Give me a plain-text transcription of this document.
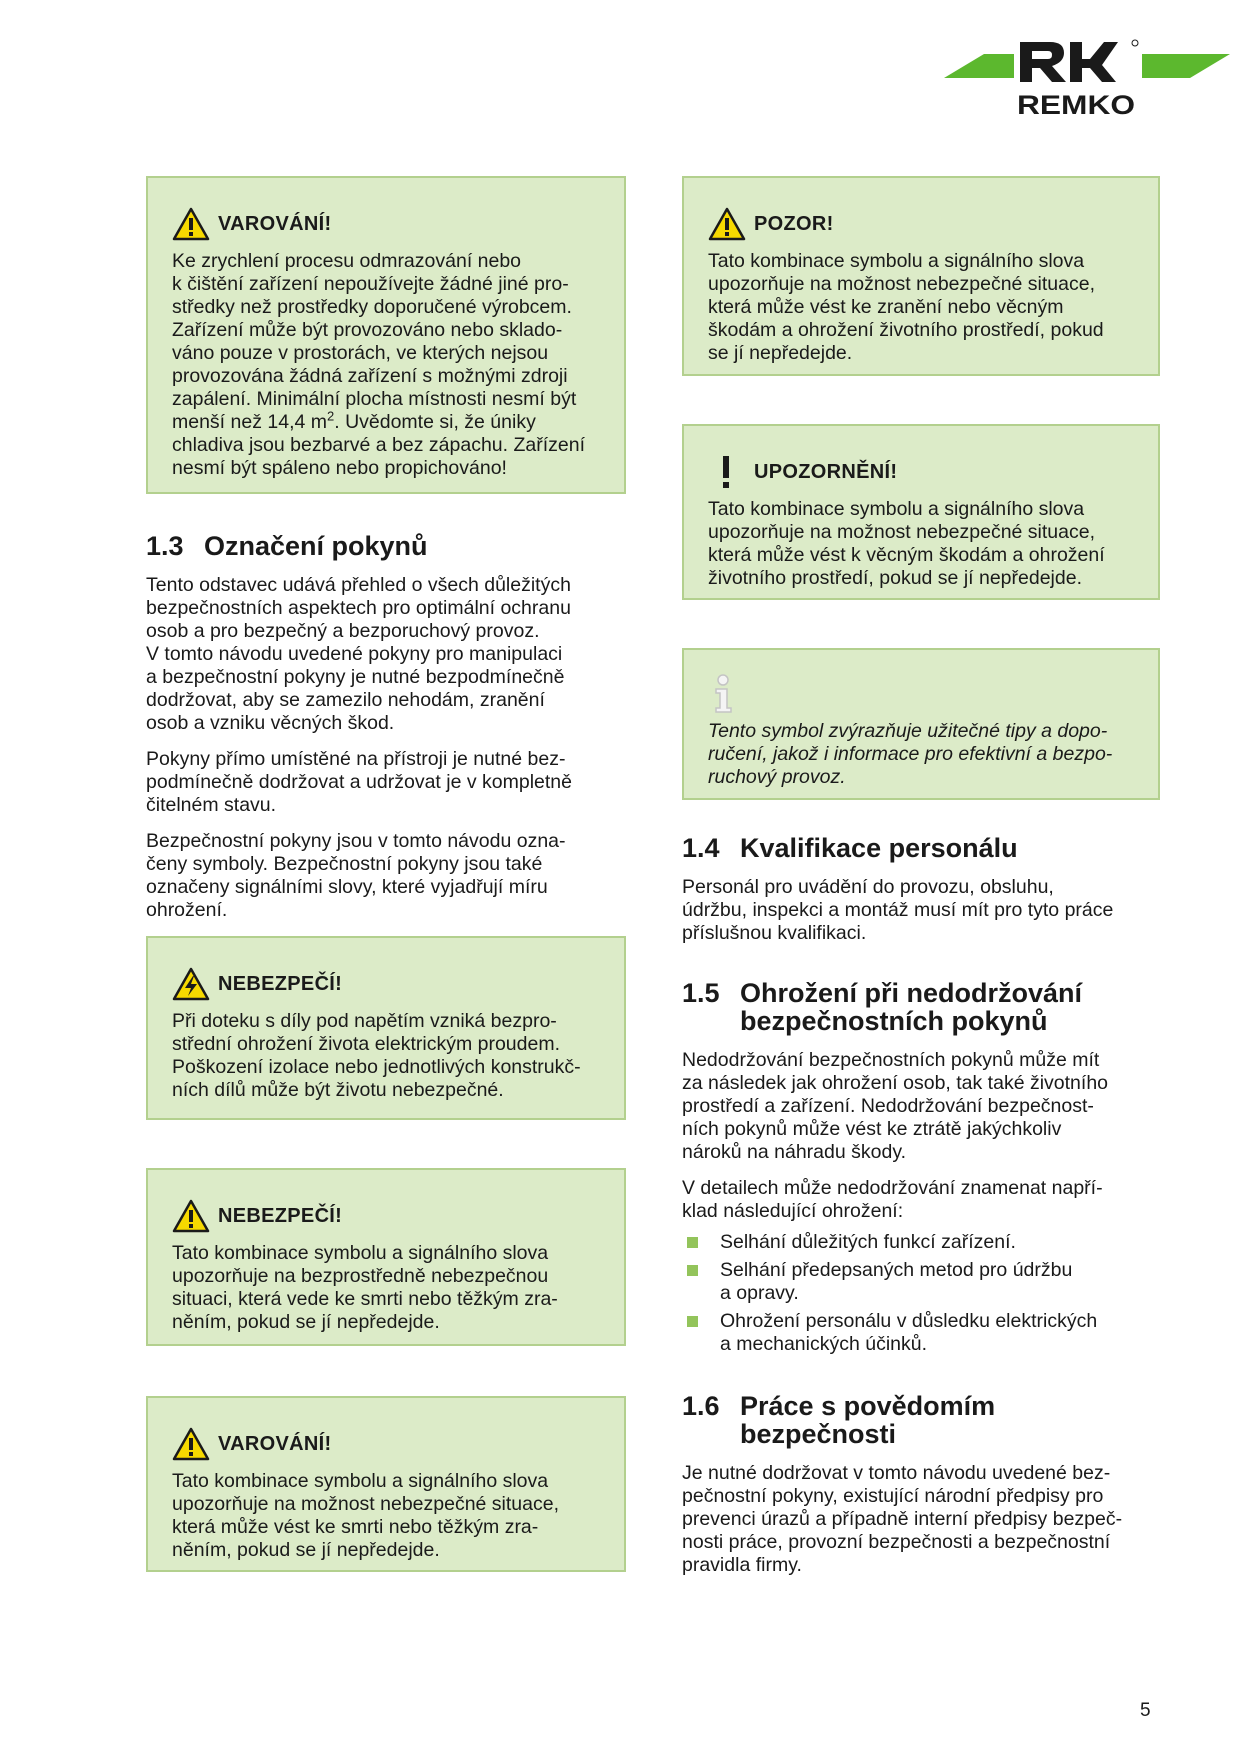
REMKO
VAROVÁNÍ!

Ke zrychlení procesu odmrazování nebo
k čištění zařízení nepoužívejte žádné jiné pro-
středky než prostředky doporučené výrobcem.
Zařízení může být provozováno nebo sklado-
váno pouze v prostorách, ve kterých nejsou
provozována žádná zařízení s možnými zdroji
zapálení. Minimální plocha místnosti nesmí být
menší než 14,4 $m^2$. Uvědomte si, že úniky
chladiva jsou bezbarvé a bez zápachu. Zařízení
nesmí být spáleno nebo propichováno!

1.3 Označení pokynů

Tento odstavec udává přehled o všech důležitých
bezpečnostních aspektech pro optimální ochranu
osob a pro bezpečný a bezporuchový provoz.
V tomto návodu uvedené pokyny pro manipulaci
a bezpečnostní pokyny je nutné bezpodmínečně
dodržovat, aby se zamezilo nehodám, zranění
osob a vzniku věcných škod.

Pokyny přímo umístěné na přístroji je nutné bez-
podmínečně dodržovat a udržovat je v kompletně
čitelném stavu.

Bezpečnostní pokyny jsou v tomto návodu ozna-
čeny symboly. Bezpečnostní pokyny jsou také
označeny signálními slovy, které vyjadřují míru
ohrožení.

NEBEZPEČÍ!

Při doteku s díly pod napětím vzniká bezpro-
střední ohrožení života elektrickým proudem.
Poškození izolace nebo jednotlivých konstrukč-
ních dílů může být životu nebezpečné.

NEBEZPEČÍ!

Tato kombinace symbolu a signálního slova
upozorňuje na bezprostředně nebezpečnou
situaci, která vede ke smrti nebo těžkým zra-
něním, pokud se jí nepředejde.

VAROVÁNÍ!

Tato kombinace symbolu a signálního slova
upozorňuje na možnost nebezpečné situace,
která může vést ke smrti nebo těžkým zra-
něním, pokud se jí nepředejde.

POZOR!

Tato kombinace symbolu a signálního slova
upozorňuje na možnost nebezpečné situace,
která může vést ke zranění nebo věcným
škodám a ohrožení životního prostředí, pokud
se jí nepředejde.

UPOZORNĚNÍ!

Tato kombinace symbolu a signálního slova
upozorňuje na možnost nebezpečné situace,
která může vést k věcným škodám a ohrožení
životního prostředí, pokud se jí nepředejde.

Tento symbol zvýrazňuje užitečné tipy a dopo-
ručení, jakož i informace pro efektivní a bezpo-
ruchový provoz.

1.4 Kvalifikace personálu

Personál pro uvádění do provozu, obsluhu,
údržbu, inspekci a montáž musí mít pro tyto práce
příslušnou kvalifikaci.

1.5 Ohrožení při nedodržování
bezpečnostních pokynů

Nedodržování bezpečnostních pokynů může mít
za následek jak ohrožení osob, tak také životního
prostředí a zařízení. Nedodržování bezpečnost-
ních pokynů může vést ke ztrátě jakýchkoliv
nároků na náhradu škody.

V detailech může nedodržování znamenat napří-
klad následující ohrožení:

Selhání důležitých funkcí zařízení.
Selhání předepsaných metod pro údržbu
a opravy.
Ohrožení personálu v důsledku elektrických
a mechanických účinků.
1.6 Práce s povědomím
bezpečnosti

Je nutné dodržovat v tomto návodu uvedené bez-
pečnostní pokyny, existující národní předpisy pro
prevenci úrazů a případně interní předpisy bezpeč-
nosti práce, provozní bezpečnosti a bezpečnostní
pravidla firmy.

5
